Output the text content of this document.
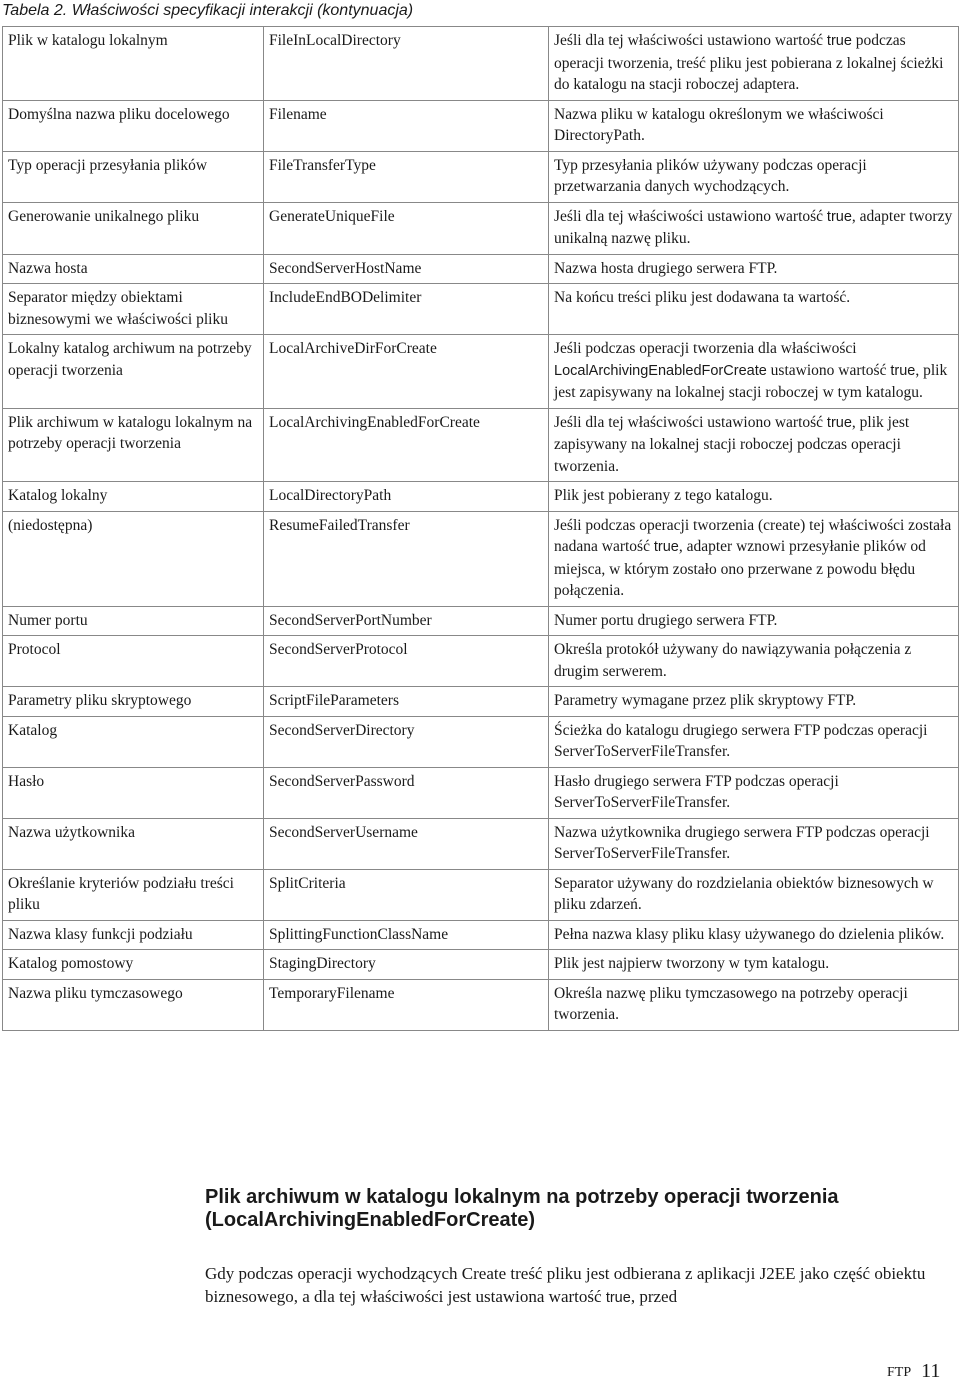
Tabela 2. Właściwości specyfikacji interakcji (kontynuacja)
Plik w katalogu lokalnym	FileInLocalDirectory	Jeśli dla tej właściwości ustawiono wartość true podczas operacji tworzenia, treść pliku jest pobierana z lokalnej ścieżki do katalogu na stacji roboczej adaptera.
Domyślna nazwa pliku docelowego	Filename	Nazwa pliku w katalogu określonym we właściwości DirectoryPath.
Typ operacji przesyłania plików	FileTransferType	Typ przesyłania plików używany podczas operacji przetwarzania danych wychodzących.
Generowanie unikalnego pliku	GenerateUniqueFile	Jeśli dla tej właściwości ustawiono wartość true, adapter tworzy unikalną nazwę pliku.
Nazwa hosta	SecondServerHostName	Nazwa hosta drugiego serwera FTP.
Separator między obiektami biznesowymi we właściwości pliku	IncludeEndBODelimiter	Na końcu treści pliku jest dodawana ta wartość.
Lokalny katalog archiwum na potrzeby operacji tworzenia	LocalArchiveDirForCreate	Jeśli podczas operacji tworzenia dla właściwości LocalArchivingEnabledForCreate ustawiono wartość true, plik jest zapisywany na lokalnej stacji roboczej w tym katalogu.
Plik archiwum w katalogu lokalnym na potrzeby operacji tworzenia	LocalArchivingEnabledForCreate	Jeśli dla tej właściwości ustawiono wartość true, plik jest zapisywany na lokalnej stacji roboczej podczas operacji tworzenia.
Katalog lokalny	LocalDirectoryPath	Plik jest pobierany z tego katalogu.
(niedostępna)	ResumeFailedTransfer	Jeśli podczas operacji tworzenia (create) tej właściwości została nadana wartość true, adapter wznowi przesyłanie plików od miejsca, w którym zostało ono przerwane z powodu błędu połączenia.
Numer portu	SecondServerPortNumber	Numer portu drugiego serwera FTP.
Protocol	SecondServerProtocol	Określa protokół używany do nawiązywania połączenia z drugim serwerem.
Parametry pliku skryptowego	ScriptFileParameters	Parametry wymagane przez plik skryptowy FTP.
Katalog	SecondServerDirectory	Ścieżka do katalogu drugiego serwera FTP podczas operacji ServerToServerFileTransfer.
Hasło	SecondServerPassword	Hasło drugiego serwera FTP podczas operacji ServerToServerFileTransfer.
Nazwa użytkownika	SecondServerUsername	Nazwa użytkownika drugiego serwera FTP podczas operacji ServerToServerFileTransfer.
Określanie kryteriów podziału treści pliku	SplitCriteria	Separator używany do rozdzielania obiektów biznesowych w pliku zdarzeń.
Nazwa klasy funkcji podziału	SplittingFunctionClassName	Pełna nazwa klasy pliku klasy używanego do dzielenia plików.
Katalog pomostowy	StagingDirectory	Plik jest najpierw tworzony w tym katalogu.
Nazwa pliku tymczasowego	TemporaryFilename	Określa nazwę pliku tymczasowego na potrzeby operacji tworzenia.
Plik archiwum w katalogu lokalnym na potrzeby operacji tworzenia (LocalArchivingEnabledForCreate)
Gdy podczas operacji wychodzących Create treść pliku jest odbierana z aplikacji J2EE jako część obiektu biznesowego, a dla tej właściwości jest ustawiona wartość true, przed
FTP 11
